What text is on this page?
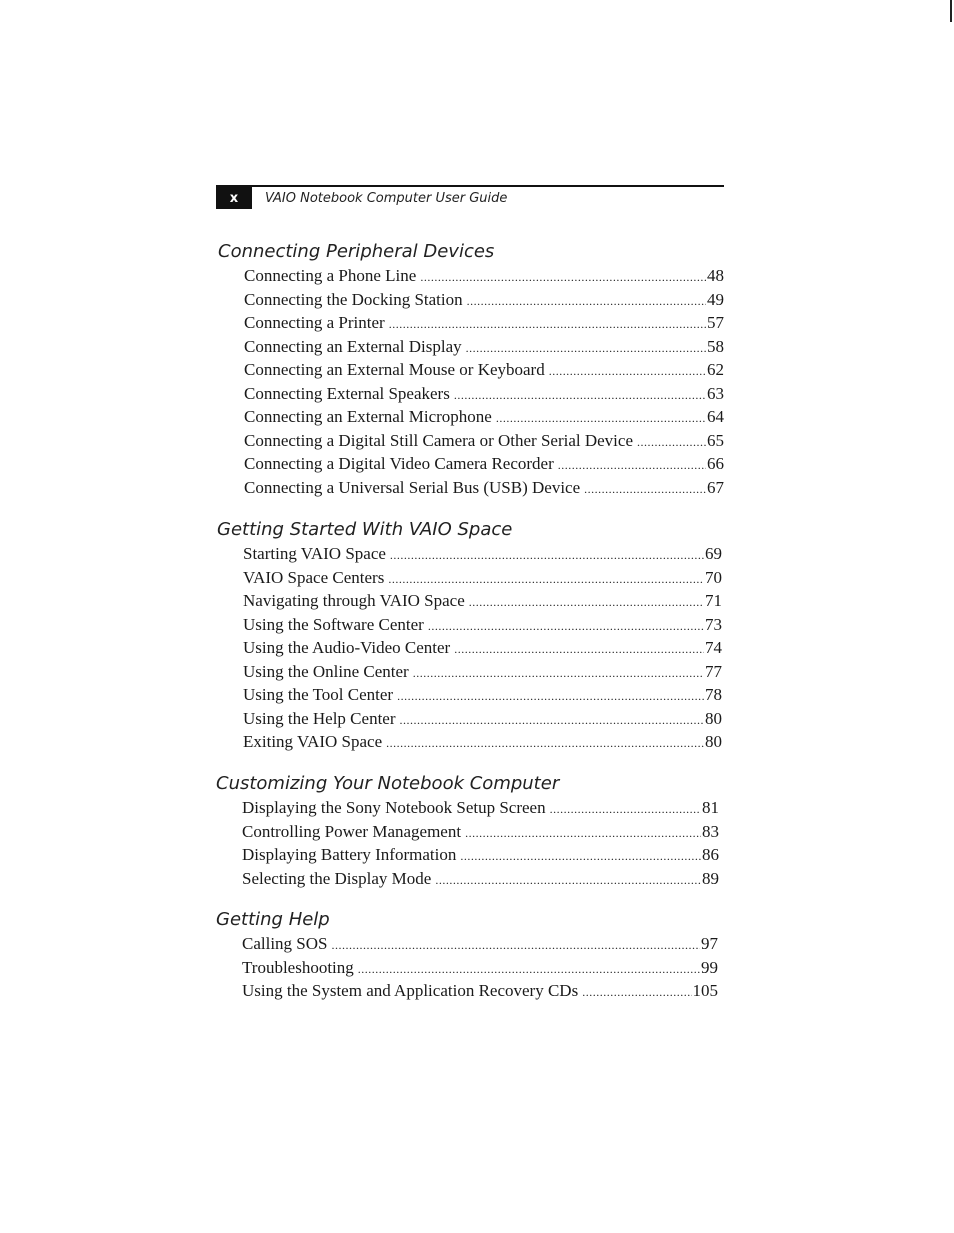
x VAIO Notebook Computer User Guide
Connecting Peripheral Devices
Connecting a Phone Line .....	48
Connecting the Docking Station .....	49
Connecting a Printer .....	57
Connecting an External Display .....	58
Connecting an External Mouse or Keyboard .....	62
Connecting External Speakers .....	63
Connecting an External Microphone .....	64
Connecting a Digital Still Camera or Other Serial Device .....	65
Connecting a Digital Video Camera Recorder .....	66
Connecting a Universal Serial Bus (USB) Device .....	67
Getting Started With VAIO Space
Starting VAIO Space .....	69
VAIO Space Centers .....	70
Navigating through VAIO Space .....	71
Using the Software Center .....	73
Using the Audio-Video Center .....	74
Using the Online Center .....	77
Using the Tool Center .....	78
Using the Help Center .....	80
Exiting VAIO Space .....	80
Customizing Your Notebook Computer
Displaying the Sony Notebook Setup Screen .....	81
Controlling Power Management .....	83
Displaying Battery Information .....	86
Selecting the Display Mode .....	89
Getting Help
Calling SOS .....	97
Troubleshooting .....	99
Using the System and Application Recovery CDs .....	105
